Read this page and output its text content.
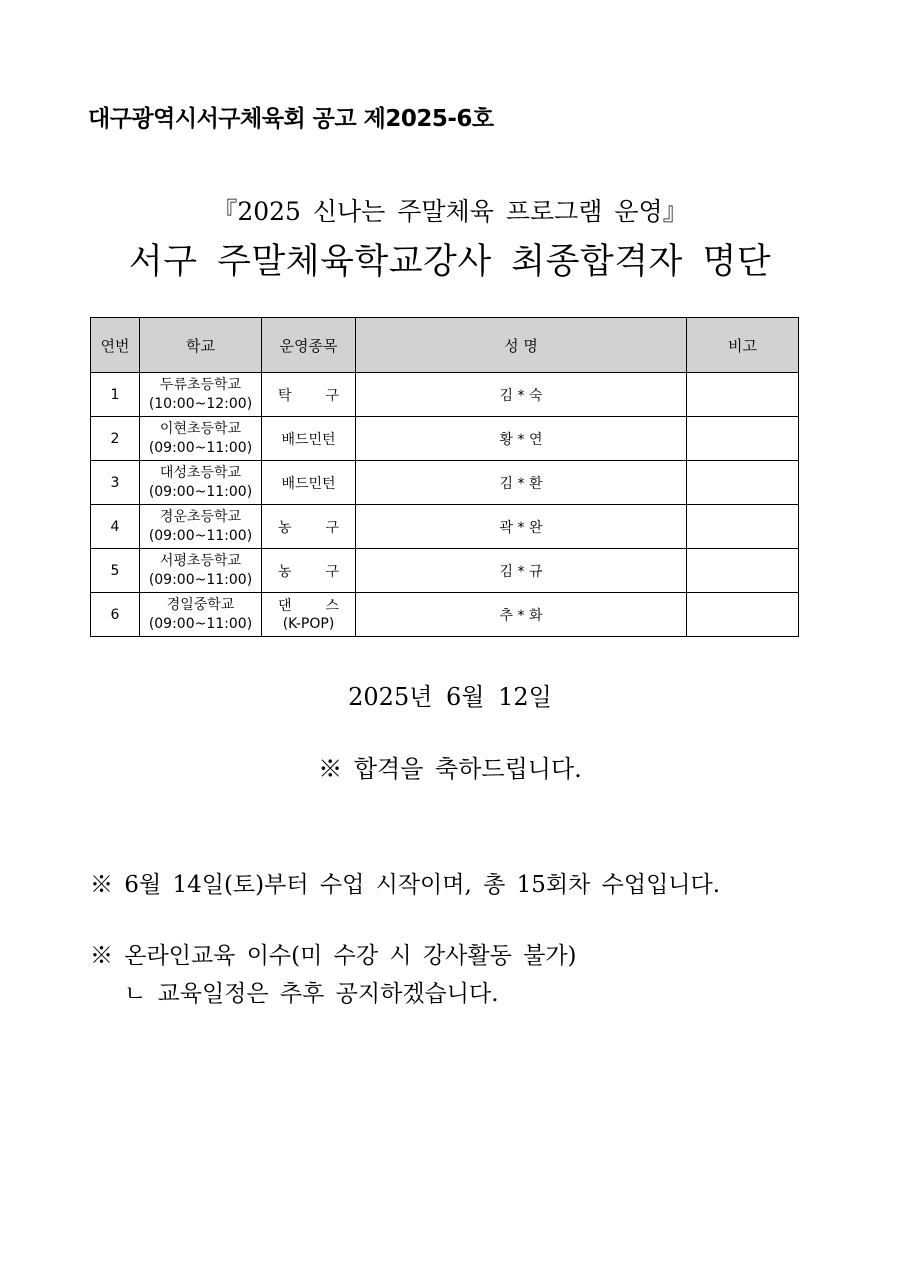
대구광역시서구체육회 공고 제2025-6호
『2025 신나는 주말체육 프로그램 운영』
서구 주말체육학교강사 최종합격자 명단
연번	학교	운영종목	성 명	비고
1	두류초등학교
(10:00~12:00)	탁 구	김 * 숙	
2	이현초등학교
(09:00~11:00)	배드민턴	황 * 연	
3	대성초등학교
(09:00~11:00)	배드민턴	김 * 환	
4	경운초등학교
(09:00~11:00)	농 구	곽 * 완	
5	서평초등학교
(09:00~11:00)	농 구	김 * 규	
6	경일중학교
(09:00~11:00)	댄 스
(K-POP)	추 * 화	
2025년 6월 12일
※ 합격을 축하드립니다.
※ 6월 14일(토)부터 수업 시작이며, 총 15회차 수업입니다.
※ 온라인교육 이수(미 수강 시 강사활동 불가)
ㄴ 교육일정은 추후 공지하겠습니다.
